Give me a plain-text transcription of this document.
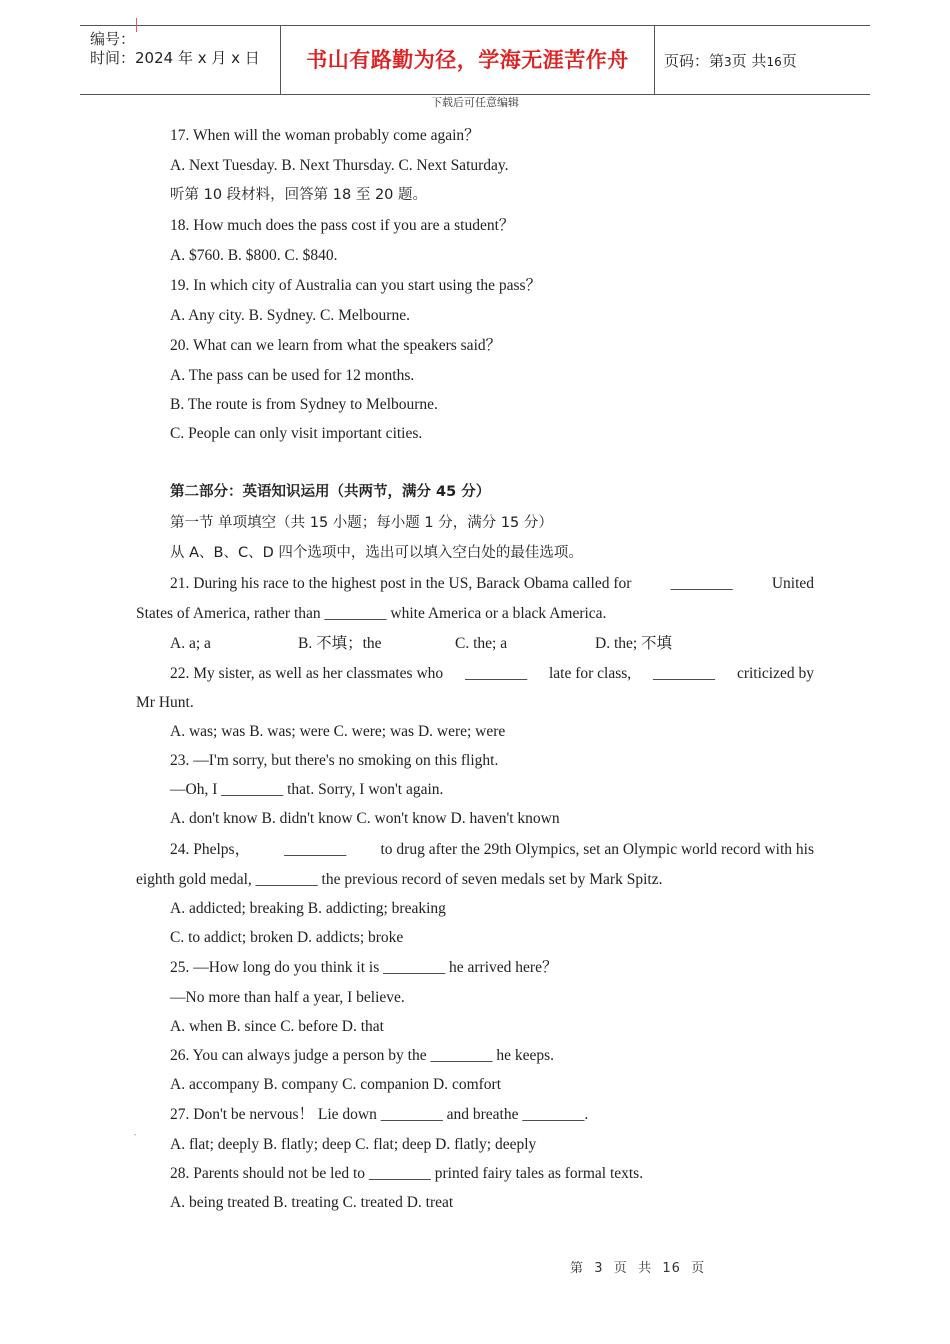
编号：
时间：2024 年 x 月 x 日	书山有路勤为径，学海无涯苦作舟	页码：第3页 共16页
下载后可任意编辑
17. When will the woman probably come again？
A. Next Tuesday. B. Next Thursday. C. Next Saturday.
听第 10 段材料，回答第 18 至 20 题。
18. How much does the pass cost if you are a student？
A. $760. B. $800. C. $840.
19. In which city of Australia can you start using the pass？
A. Any city. B. Sydney. C. Melbourne.
20. What can we learn from what the speakers said？
A. The pass can be used for 12 months.
B. The route is from Sydney to Melbourne.
C. People can only visit important cities.
第二部分：英语知识运用（共两节，满分 45 分）
第一节 单项填空（共 15 小题；每小题 1 分，满分 15 分）
从 A、B、C、D 四个选项中，选出可以填入空白处的最佳选项。
21. During his race to the highest post in the US, Barack Obama called for	________	United
States of America, rather than ________ white America or a black America.
A. a; a	B. 不填；the	C. the; a	D. the; 不填
22. My sister, as well as her classmates who ________ late for class, ________ criticized by
Mr Hunt.
A. was; was B. was; were C. were; was D. were; were
23. —I'm sorry, but there's no smoking on this flight.
—Oh, I ________ that. Sorry, I won't again.
A. don't know B. didn't know C. won't know D. haven't known
24. Phelps， ________ to drug after the 29th Olympics, set an Olympic world record with his
eighth gold medal, ________ the previous record of seven medals set by Mark Spitz.
A. addicted; breaking B. addicting; breaking
C. to addict; broken D. addicts; broke
25. —How long do you think it is ________ he arrived here？
—No more than half a year, I believe.
A. when B. since C. before D. that
26. You can always judge a person by the ________ he keeps.
A. accompany B. company C. companion D. comfort
27. Don't be nervous！ Lie down ________ and breathe ________.
• A. flat; deeply B. flatly; deep C. flat; deep D. flatly; deeply
28. Parents should not be led to ________ printed fairy tales as formal texts.
A. being treated B. treating C. treated D. treat
第  3  页  共  16  页
